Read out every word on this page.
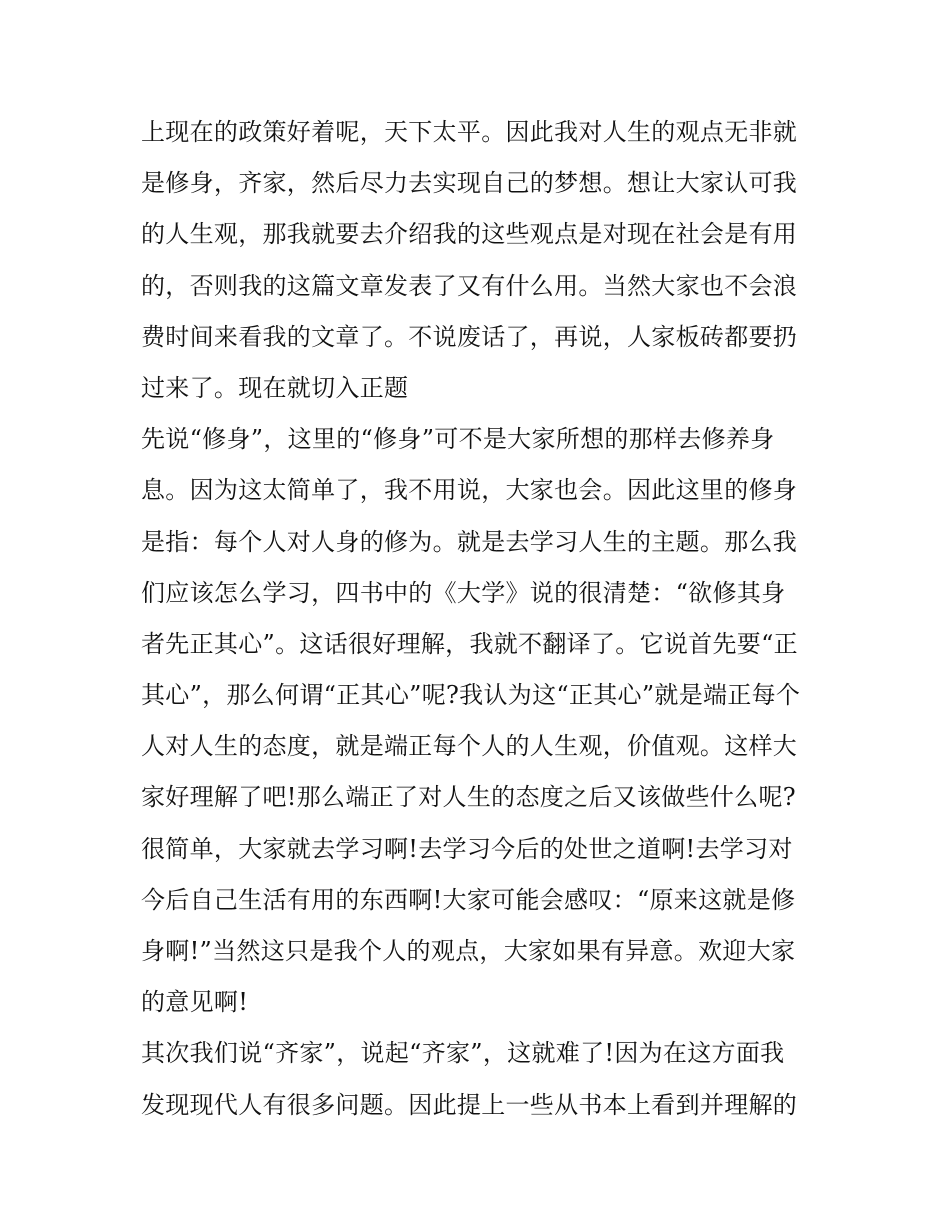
上现在的政策好着呢，天下太平。因此我对人生的观点无非就
是修身，齐家，然后尽力去实现自己的梦想。想让大家认可我
的人生观，那我就要去介绍我的这些观点是对现在社会是有用
的，否则我的这篇文章发表了又有什么用。当然大家也不会浪
费时间来看我的文章了。不说废话了，再说，人家板砖都要扔
过来了。现在就切入正题
先说“修身”，这里的“修身”可不是大家所想的那样去修养身
息。因为这太简单了，我不用说，大家也会。因此这里的修身
是指：每个人对人身的修为。就是去学习人生的主题。那么我
们应该怎么学习，四书中的《大学》说的很清楚：“欲修其身
者先正其心”。这话很好理解，我就不翻译了。它说首先要“正
其心”，那么何谓“正其心”呢?我认为这“正其心”就是端正每个
人对人生的态度，就是端正每个人的人生观，价值观。这样大
家好理解了吧!那么端正了对人生的态度之后又该做些什么呢?
很简单，大家就去学习啊!去学习今后的处世之道啊!去学习对
今后自己生活有用的东西啊!大家可能会感叹：“原来这就是修
身啊!”当然这只是我个人的观点，大家如果有异意。欢迎大家
的意见啊!
其次我们说“齐家”，说起“齐家”，这就难了!因为在这方面我
发现现代人有很多问题。因此提上一些从书本上看到并理解的
